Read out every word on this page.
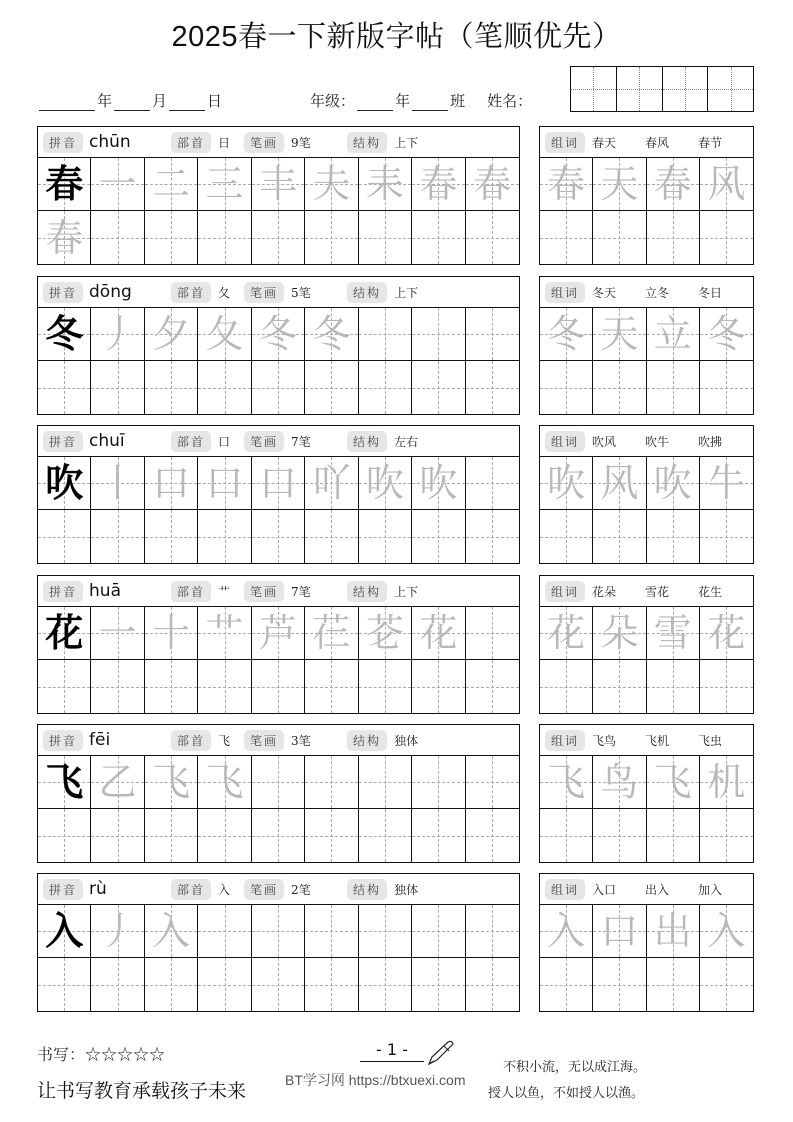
2025春一下新版字帖（笔顺优先）
年	月	日	年级：	年	班 姓名：
拼音 chūn	部首	日	笔画	9笔	结构	上下
春 一 二 三 丰 夫 耒 春 春
春
组词	春天	春风	春节
春 天 春 风
拼音 dōng	部首	夂	笔画	5笔	结构	上下
冬 丿 夕 夂 冬 冬
组词	冬天	立冬	冬日
冬 天 立 冬
拼音 chuī	部首	口	笔画	7笔	结构	左右
吹 丨 口 口 口 吖 吹 吹
组词	吹风	吹牛	吹拂
吹 风 吹 牛
拼音 huā	部首	艹	笔画	7笔	结构	上下
花 一 十 艹 芦 芢 芲 花
组词	花朵	雪花	花生
花 朵 雪 花
拼音 fēi	部首	飞	笔画	3笔	结构	独体
飞 乙 飞 飞
组词	飞鸟	飞机	飞虫
飞 鸟 飞 机
拼音 rù	部首	入	笔画	2笔	结构	独体
入 丿 入
组词	入口	出入	加入
入 口 出 入
书写：☆☆☆☆☆
让书写教育承载孩子未来
- 1 -
BT学习网 https://btxuexi.com
不积小流，无以成江海。
授人以鱼，不如授人以渔。
